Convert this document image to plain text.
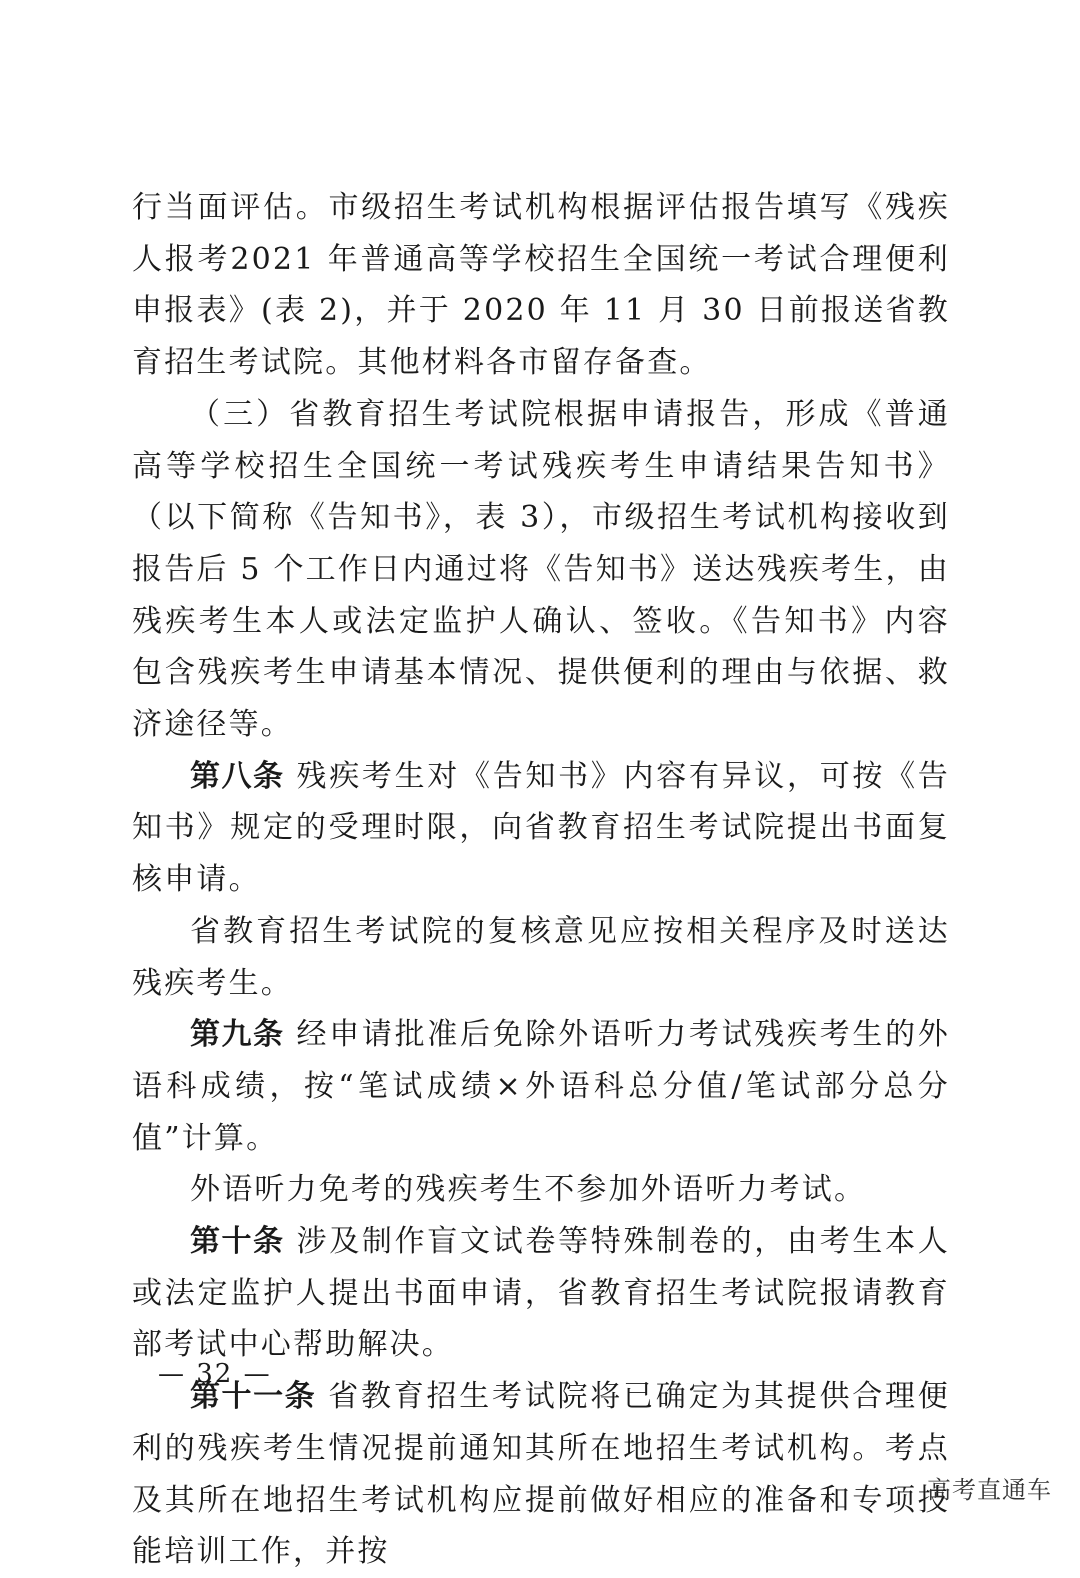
行当面评估。市级招生考试机构根据评估报告填写《残疾人报考2021 年普通高等学校招生全国统一考试合理便利申报表》(表 2)，并于 2020 年 11 月 30 日前报送省教育招生考试院。其他材料各市留存备查。

（三）省教育招生考试院根据申请报告，形成《普通高等学校招生全国统一考试残疾考生申请结果告知书》（以下简称《告知书》，表 3），市级招生考试机构接收到报告后 5 个工作日内通过将《告知书》送达残疾考生，由残疾考生本人或法定监护人确认、签收。《告知书》内容包含残疾考生申请基本情况、提供便利的理由与依据、救济途径等。

第八条 残疾考生对《告知书》内容有异议，可按《告知书》规定的受理时限，向省教育招生考试院提出书面复核申请。

省教育招生考试院的复核意见应按相关程序及时送达残疾考生。

第九条 经申请批准后免除外语听力考试残疾考生的外语科成绩，按“笔试成绩×外语科总分值/笔试部分总分值”计算。

外语听力免考的残疾考生不参加外语听力考试。

第十条 涉及制作盲文试卷等特殊制卷的，由考生本人或法定监护人提出书面申请，省教育招生考试院报请教育部考试中心帮助解决。

第十一条 省教育招生考试院将已确定为其提供合理便利的残疾考生情况提前通知其所在地招生考试机构。考点及其所在地招生考试机构应提前做好相应的准备和专项技能培训工作，并按

— 32 —
高考直通车
